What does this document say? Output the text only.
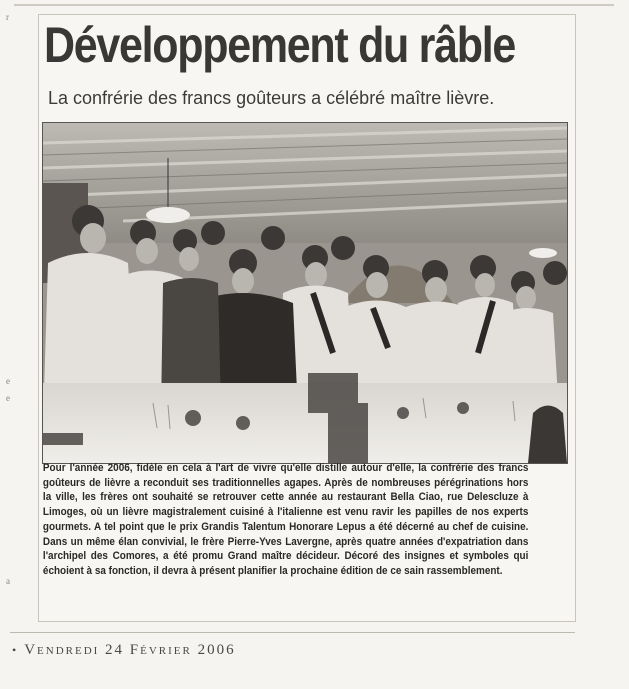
r
e
e
a
Développement du râble
La confrérie des francs goûteurs a célébré maître lièvre.

Pour l'année 2006, fidèle en cela à l'art de vivre qu'elle distille autour d'elle, la confrérie des francs goûteurs de lièvre a reconduit ses traditionnelles agapes. Après de nombreuses pérégrinations hors la ville, les frères ont souhaité se retrouver cette année au restaurant Bella Ciao, rue Delescluze à Limoges, où un lièvre magistralement cuisiné à l'italienne est venu ravir les papilles de nos experts gourmets. A tel point que le prix Grandis Talentum Honorare Lepus a été décerné au chef de cuisine. Dans un même élan convivial, le frère Pierre-Yves Lavergne, après quatre années d'expatriation dans l'archipel des Comores, a été promu Grand maître décideur. Décoré des insignes et symboles qui échoient à sa fonction, il devra à présent planifier la prochaine édition de ce sain rassemblement.

• Vendredi 24 Février 2006
